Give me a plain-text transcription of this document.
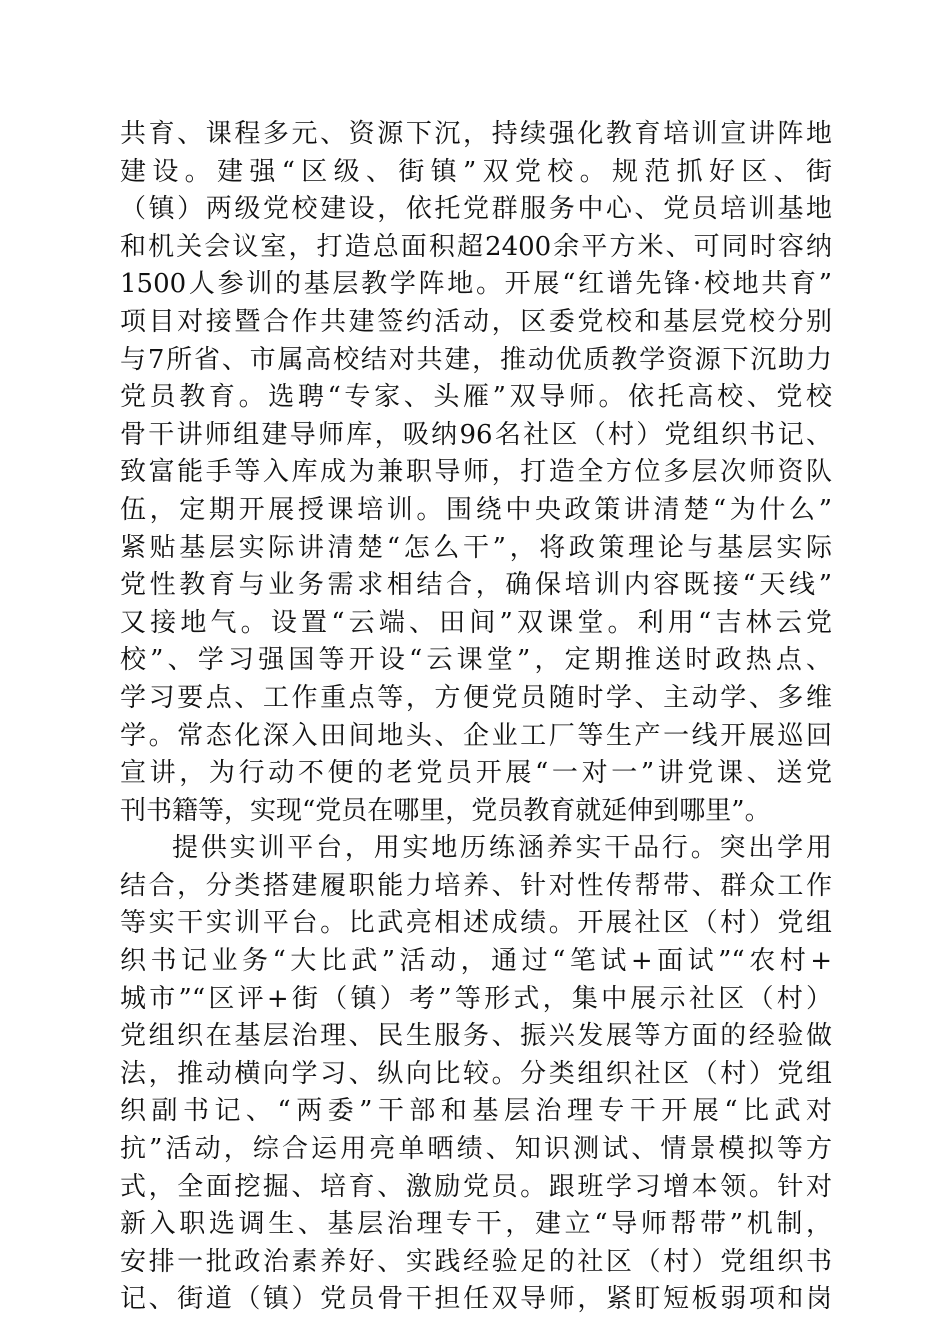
共育、课程多元、资源下沉，持续强化教育培训宣讲阵地
建设。建强“区级、街镇”双党校。规范抓好区、街
（镇）两级党校建设，依托党群服务中心、党员培训基地
和机关会议室，打造总面积超2400余平方米、可同时容纳
1500人参训的基层教学阵地。开展“红谱先锋·校地共育”
项目对接暨合作共建签约活动，区委党校和基层党校分别
与7所省、市属高校结对共建，推动优质教学资源下沉助力
党员教育。选聘“专家、头雁”双导师。依托高校、党校
骨干讲师组建导师库，吸纳96名社区（村）党组织书记、
致富能手等入库成为兼职导师，打造全方位多层次师资队
伍，定期开展授课培训。围绕中央政策讲清楚“为什么”
紧贴基层实际讲清楚“怎么干”，将政策理论与基层实际
党性教育与业务需求相结合，确保培训内容既接“天线”
又接地气。设置“云端、田间”双课堂。利用“吉林云党
校”、学习强国等开设“云课堂”，定期推送时政热点、
学习要点、工作重点等，方便党员随时学、主动学、多维
学。常态化深入田间地头、企业工厂等生产一线开展巡回
宣讲，为行动不便的老党员开展“一对一”讲党课、送党
刊书籍等，实现“党员在哪里，党员教育就延伸到哪里”。
提供实训平台，用实地历练涵养实干品行。突出学用
结合，分类搭建履职能力培养、针对性传帮带、群众工作
等实干实训平台。比武亮相述成绩。开展社区（村）党组
织书记业务“大比武”活动，通过“笔试+面试”“农村+
城市”“区评+街（镇）考”等形式，集中展示社区（村）
党组织在基层治理、民生服务、振兴发展等方面的经验做
法，推动横向学习、纵向比较。分类组织社区（村）党组
织副书记、“两委”干部和基层治理专干开展“比武对
抗”活动，综合运用亮单晒绩、知识测试、情景模拟等方
式，全面挖掘、培育、激励党员。跟班学习增本领。针对
新入职选调生、基层治理专干，建立“导师帮带”机制，
安排一批政治素养好、实践经验足的社区（村）党组织书
记、街道（镇）党员骨干担任双导师，紧盯短板弱项和岗
